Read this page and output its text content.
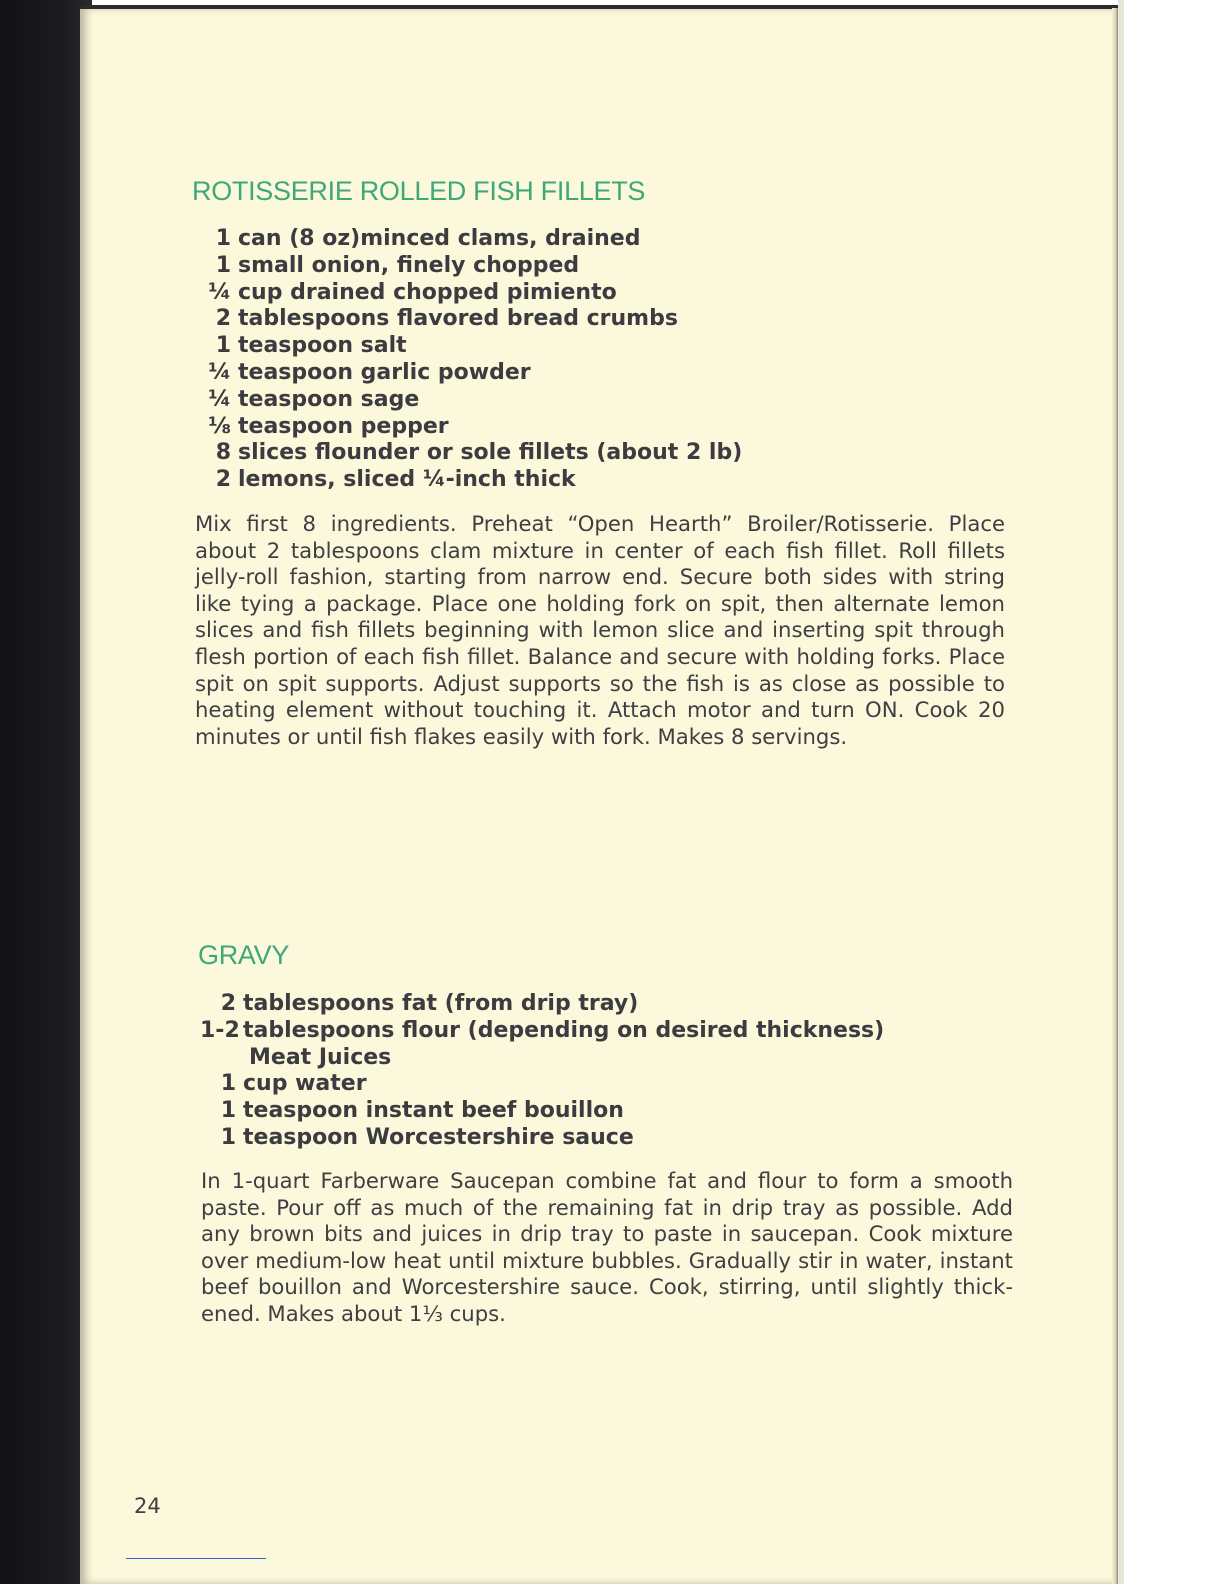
ROTISSERIE ROLLED FISH FILLETS
1 can (8 oz)minced clams, drained
1 small onion, finely chopped
¼ cup drained chopped pimiento
2 tablespoons flavored bread crumbs
1 teaspoon salt
¼ teaspoon garlic powder
¼ teaspoon sage
⅛ teaspoon pepper
8 slices flounder or sole fillets (about 2 lb)
2 lemons, sliced ¼-inch thick

Mix first 8 ingredients. Preheat “Open Hearth” Broiler/Rotisserie. Place about 2 tablespoons clam mixture in center of each fish fillet. Roll fillets jelly-roll fashion, starting from narrow end. Secure both sides with string like tying a package. Place one holding fork on spit, then alternate lemon slices and fish fillets beginning with lemon slice and inserting spit through flesh portion of each fish fillet. Balance and secure with holding forks. Place spit on spit supports. Adjust supports so the fish is as close as possible to heating element without touching it. Attach motor and turn ON. Cook 20 minutes or until fish flakes easily with fork. Makes 8 servings.

GRAVY
2 tablespoons fat (from drip tray)
1-2 tablespoons flour (depending on desired thickness)
Meat Juices
1 cup water
1 teaspoon instant beef bouillon
1 teaspoon Worcestershire sauce

In 1-quart Farberware Saucepan combine fat and flour to form a smooth paste. Pour off as much of the remaining fat in drip tray as possible. Add any brown bits and juices in drip tray to paste in saucepan. Cook mixture over medium-low heat until mixture bubbles. Gradually stir in water, instant beef bouillon and Worcestershire sauce. Cook, stirring, until slightly thick-ened. Makes about 1⅓ cups.

24
